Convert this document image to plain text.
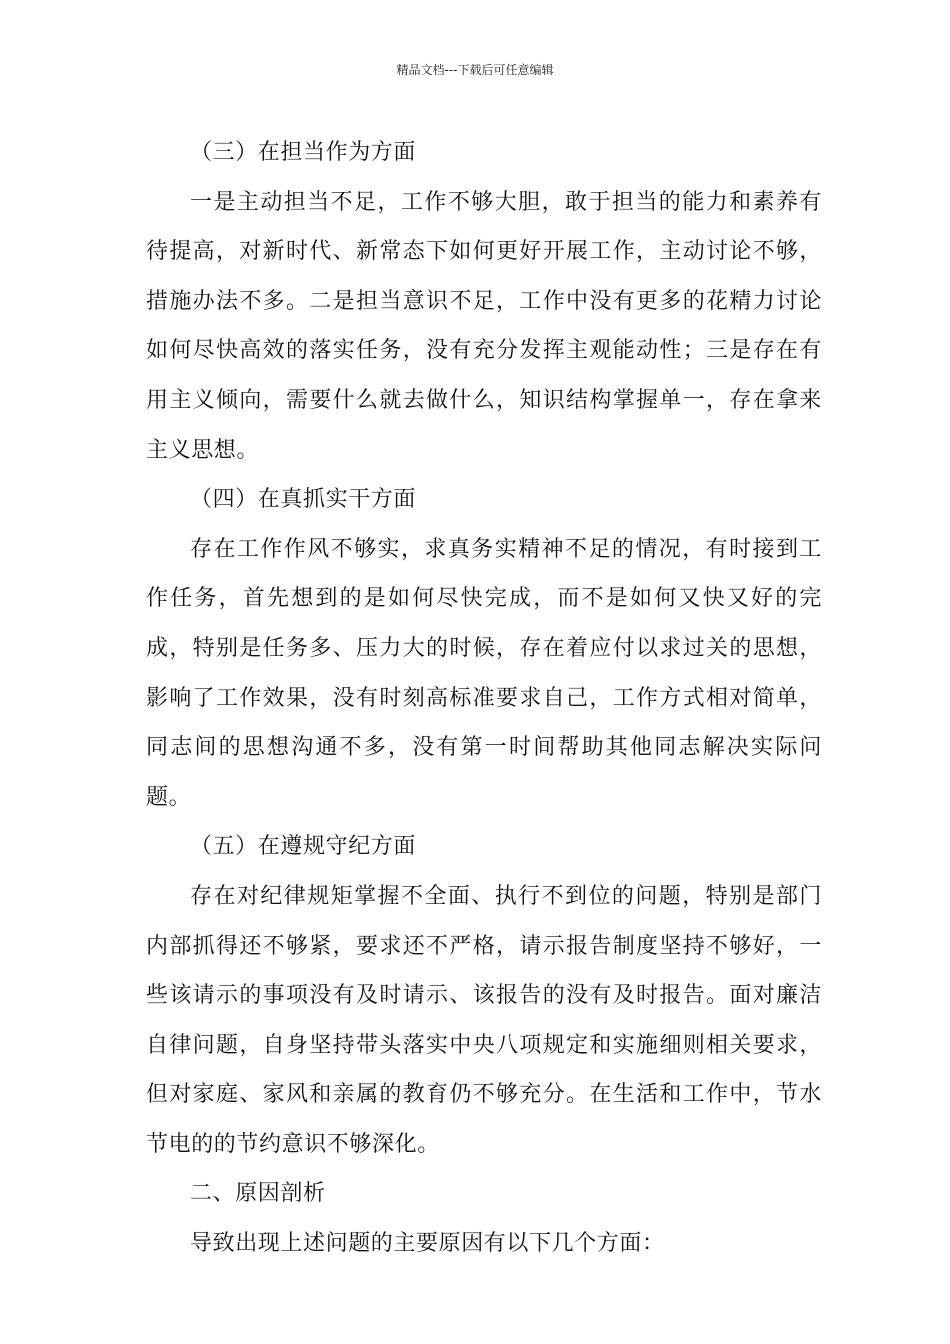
精品文档---下载后可任意编辑

（三）在担当作为方面

一是主动担当不足，工作不够大胆，敢于担当的能力和素养有待提高，对新时代、新常态下如何更好开展工作，主动讨论不够，措施办法不多。二是担当意识不足，工作中没有更多的花精力讨论如何尽快高效的落实任务，没有充分发挥主观能动性；三是存在有用主义倾向，需要什么就去做什么，知识结构掌握单一，存在拿来主义思想。

（四）在真抓实干方面

存在工作作风不够实，求真务实精神不足的情况，有时接到工作任务，首先想到的是如何尽快完成，而不是如何又快又好的完成，特别是任务多、压力大的时候，存在着应付以求过关的思想，影响了工作效果，没有时刻高标准要求自己，工作方式相对简单，同志间的思想沟通不多，没有第一时间帮助其他同志解决实际问题。

（五）在遵规守纪方面

存在对纪律规矩掌握不全面、执行不到位的问题，特别是部门内部抓得还不够紧，要求还不严格，请示报告制度坚持不够好，一些该请示的事项没有及时请示、该报告的没有及时报告。面对廉洁自律问题，自身坚持带头落实中央八项规定和实施细则相关要求，但对家庭、家风和亲属的教育仍不够充分。在生活和工作中，节水节电的的节约意识不够深化。

二、原因剖析

导致出现上述问题的主要原因有以下几个方面：
